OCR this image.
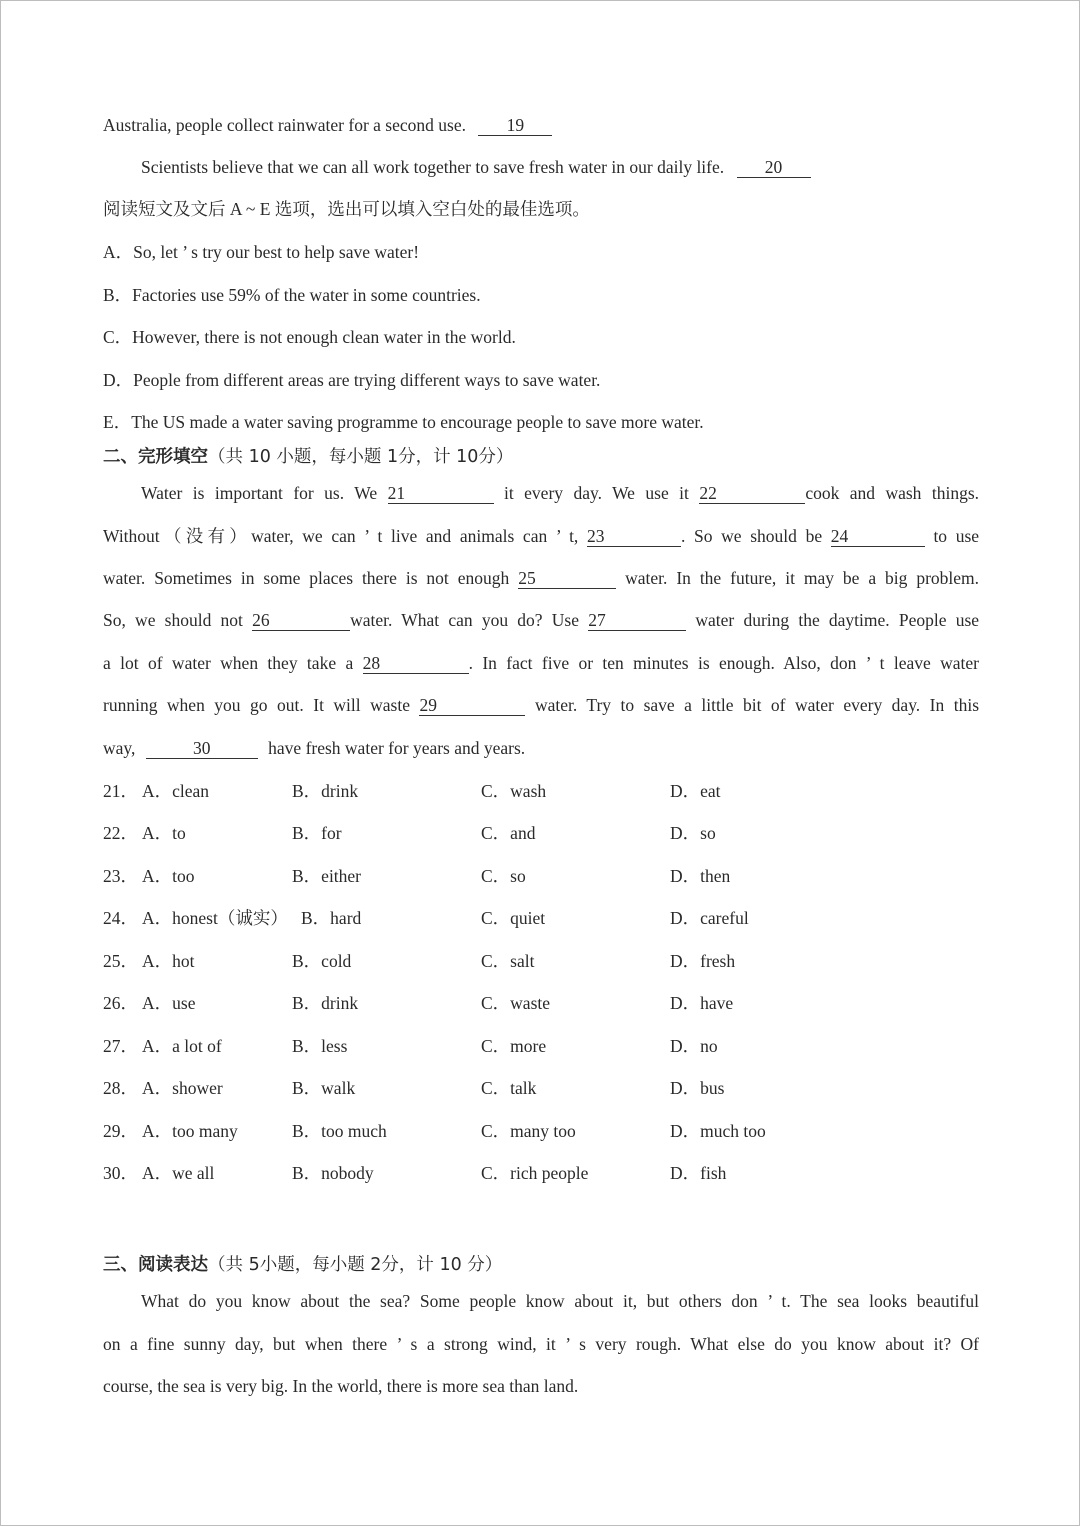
Australia, people collect rainwater for a second use. 19
Scientists believe that we can all work together to save fresh water in our daily life. 20
阅读短文及文后 A ~ E 选项，选出可以填入空白处的最佳选项。
A．So, let ’ s try our best to help save water!
B．Factories use 59% of the water in some countries.
C．However, there is not enough clean water in the world.
D．People from different areas are trying different ways to save water.
E．The US made a water saving programme to encourage people to save more water.
二、完形填空（共 10 小题，每小题 1分，计 10分）
Water is important for us. We 21	it every day. We use it 22	cook and wash things.
Without（没有）water, we can ’ t live and animals can ’ t, 23	. So we should be 24	to use
water. Sometimes in some places there is not enough 25	water. In the future, it may be a big problem.
So, we should not 26	water. What can you do? Use 27	water during the daytime. People use
a lot of water when they take a 28	. In fact five or ten minutes is enough. Also, don ’ t leave water
running when you go out. It will waste 29	water. Try to save a little bit of water every day. In this
way,	30	have fresh water for years and years.
21． A．clean	B．drink	C．wash	D．eat
22． A．to	B．for	C．and	D．so
23． A．too	B．either	C．so	D．then
24． A．honest（诚实） B．hard	C．quiet	D．careful
25． A．hot	B．cold	C．salt	D．fresh
26． A．use	B．drink	C．waste	D．have
27． A．a lot of	B．less	C．more	D．no
28． A．shower	B．walk	C．talk	D．bus
29． A．too many	B．too much	C．many too	D．much too
30． A．we all	B．nobody	C．rich people	D．fish
三、阅读表达（共 5小题，每小题 2分，计 10 分）
What do you know about the sea? Some people know about it, but others don ’ t. The sea looks beautiful
on a fine sunny day, but when there ’ s a strong wind, it ’ s very rough. What else do you know about it? Of
course, the sea is very big. In the world, there is more sea than land.
